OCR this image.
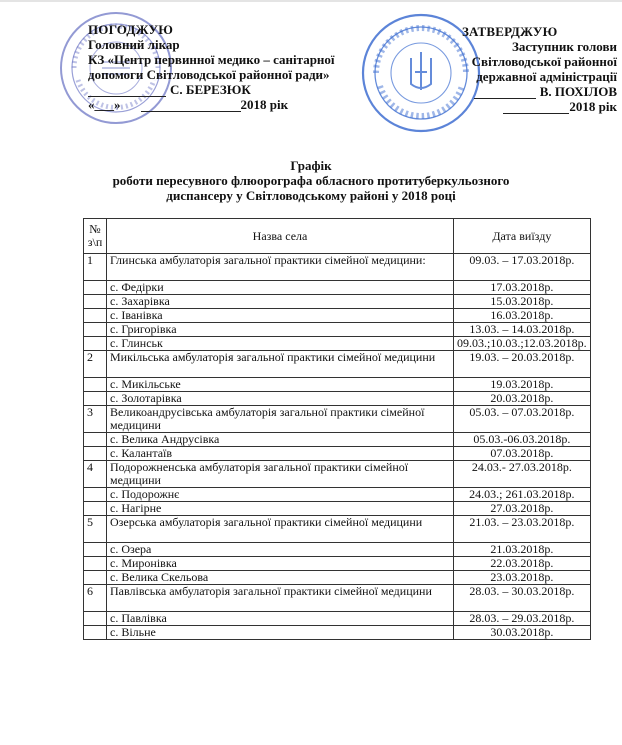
ПОГОДЖУЮ
Головний лікар
КЗ «Центр первинної медико – санітарної
допомоги Світловодської районної ради»
С. БЕРЕЗЮК
«___»	2018 рік
ЗАТВЕРДЖУЮ
Заступник голови
Світловодської районної
державної адміністрації
В. ПОХІЛОВ
2018 рік
Графік
роботи пересувного флюорографа обласного протитуберкульозного
диспансеру у Світловодському районі у 2018 році
№ з\п	Назва села	Дата виїзду
1	Глинська амбулаторія загальної практики сімейної медицини:	09.03. – 17.03.2018р.
	с. Федірки	17.03.2018р.
	с. Захарівка	15.03.2018р.
	с. Іванівка	16.03.2018р.
	с. Григорівка	13.03. – 14.03.2018р.
	с. Глинськ	09.03.;10.03.;12.03.2018р.
2	Микільська амбулаторія загальної практики сімейної медицини	19.03. – 20.03.2018р.
	с. Микільське	19.03.2018р.
	с. Золотарівка	20.03.2018р.
3	Великоандрусівська амбулаторія загальної практики сімейної медицини	05.03. – 07.03.2018р.
	с. Велика Андрусівка	05.03.-06.03.2018р.
	с. Калантаїв	07.03.2018р.
4	Подорожненська амбулаторія загальної практики сімейної медицини	24.03.- 27.03.2018р.
	с. Подорожнє	24.03.; 261.03.2018р.
	с. Нагірне	27.03.2018р.
5	Озерська амбулаторія загальної практики сімейної медицини	21.03. – 23.03.2018р.
	с. Озера	21.03.2018р.
	с. Миронівка	22.03.2018р.
	с. Велика Скельова	23.03.2018р.
6	Павлівська амбулаторія загальної практики сімейної медицини	28.03. – 30.03.2018р.
	с. Павлівка	28.03. – 29.03.2018р.
	с. Вільне	30.03.2018р.
